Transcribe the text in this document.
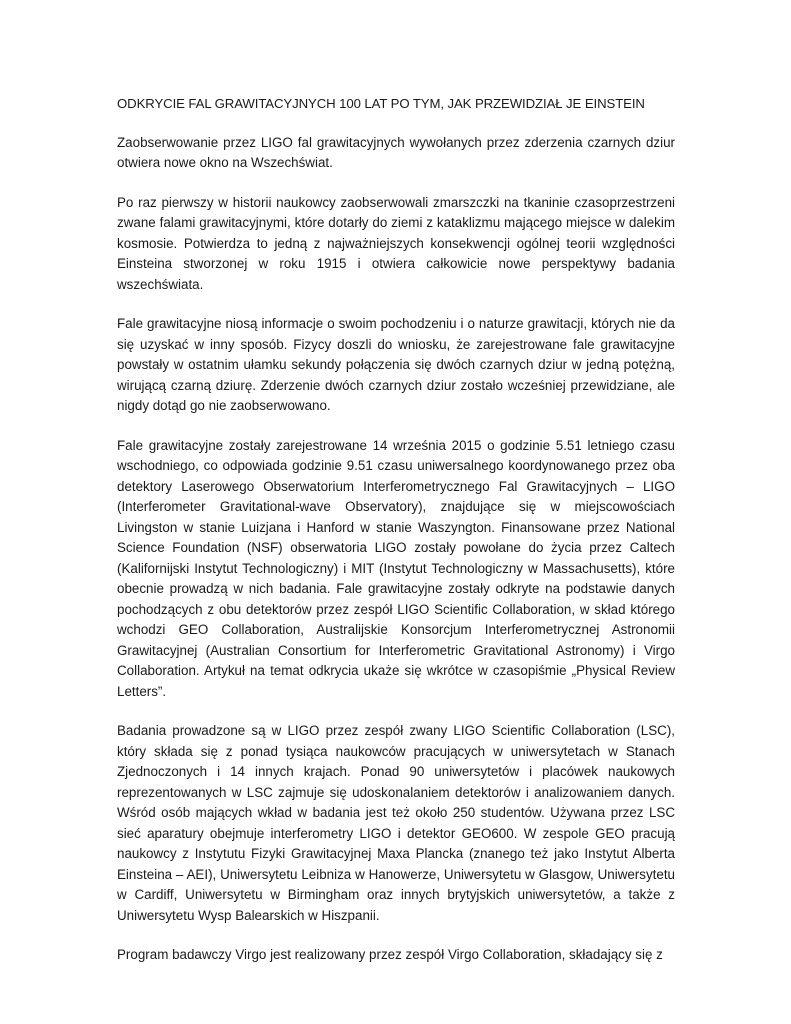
ODKRYCIE FAL GRAWITACYJNYCH 100 LAT PO TYM, JAK PRZEWIDZIAŁ JE EINSTEIN

Zaobserwowanie przez LIGO fal grawitacyjnych wywołanych przez zderzenia czarnych dziur otwiera nowe okno na Wszechświat.

Po raz pierwszy w historii naukowcy zaobserwowali zmarszczki na tkaninie czasoprzestrzeni zwane falami grawitacyjnymi, które dotarły do ziemi z kataklizmu mającego miejsce w dalekim kosmosie. Potwierdza to jedną z najważniejszych konsekwencji ogólnej teorii względności Einsteina stworzonej w roku 1915 i otwiera całkowicie nowe perspektywy badania wszechświata.

Fale grawitacyjne niosą informacje o swoim pochodzeniu i o naturze grawitacji, których nie da się uzyskać w inny sposób. Fizycy doszli do wniosku, że zarejestrowane fale grawitacyjne powstały w ostatnim ułamku sekundy połączenia się dwóch czarnych dziur w jedną potężną, wirującą czarną dziurę. Zderzenie dwóch czarnych dziur zostało wcześniej przewidziane, ale nigdy dotąd go nie zaobserwowano.

Fale grawitacyjne zostały zarejestrowane 14 września 2015 o godzinie 5.51 letniego czasu wschodniego, co odpowiada godzinie 9.51 czasu uniwersalnego koordynowanego przez oba detektory Laserowego Obserwatorium Interferometrycznego Fal Grawitacyjnych – LIGO (Interferometer Gravitational-wave Observatory), znajdujące się w miejscowościach Livingston w stanie Luizjana i Hanford w stanie Waszyngton. Finansowane przez National Science Foundation (NSF) obserwatoria LIGO zostały powołane do życia przez Caltech (Kalifornijski Instytut Technologiczny) i MIT (Instytut Technologiczny w Massachusetts), które obecnie prowadzą w nich badania. Fale grawitacyjne zostały odkryte na podstawie danych pochodzących z obu detektorów przez zespół LIGO Scientific Collaboration, w skład którego wchodzi GEO Collaboration, Australijskie Konsorcjum Interferometrycznej Astronomii Grawitacyjnej (Australian Consortium for Interferometric Gravitational Astronomy) i Virgo Collaboration. Artykuł na temat odkrycia ukaże się wkrótce w czasopiśmie „Physical Review Letters”.

Badania prowadzone są w LIGO przez zespół zwany LIGO Scientific Collaboration (LSC), który składa się z ponad tysiąca naukowców pracujących w uniwersytetach w Stanach Zjednoczonych i 14 innych krajach. Ponad 90 uniwersytetów i placówek naukowych reprezentowanych w LSC zajmuje się udoskonalaniem detektorów i analizowaniem danych. Wśród osób mających wkład w badania jest też około 250 studentów. Używana przez LSC sieć aparatury obejmuje interferometry LIGO i detektor GEO600. W zespole GEO pracują naukowcy z Instytutu Fizyki Grawitacyjnej Maxa Plancka (znanego też jako Instytut Alberta Einsteina – AEI), Uniwersytetu Leibniza w Hanowerze, Uniwersytetu w Glasgow, Uniwersytetu w Cardiff, Uniwersytetu w Birmingham oraz innych brytyjskich uniwersytetów, a także z Uniwersytetu Wysp Balearskich w Hiszpanii.

Program badawczy Virgo jest realizowany przez zespół Virgo Collaboration, składający się z
